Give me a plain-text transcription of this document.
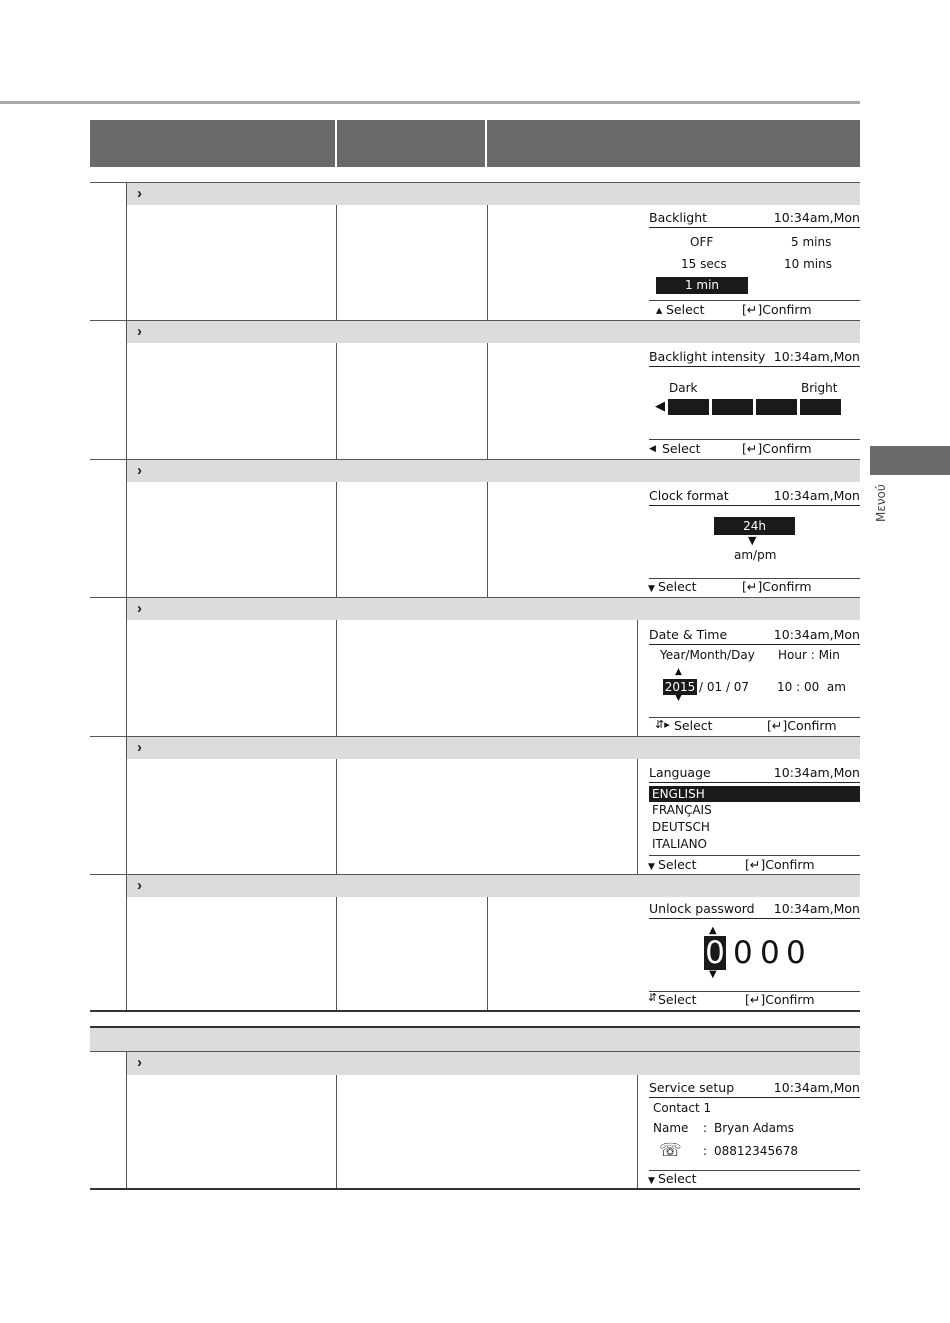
Μενού
›
›
›
›
›
›
›
Backlight	10:34am,Mon
OFF	5 mins
15 secs	10 mins
1 min
▴ Select	[↵]Confirm
Backlight intensity 10:34am,Mon
Dark	Bright
◀
◀ Select	[↵]Confirm
Clock format	10:34am,Mon
24h
▼
am/pm
▼ Select	[↵]Confirm
Date & Time	10:34am,Mon
Year/Month/Day Hour : Min
▲
2015 / 01 / 07 10 : 00  am
▼
⇵▸ Select	[↵]Confirm
Language	10:34am,Mon
ENGLISH
FRANÇAIS
DEUTSCH
ITALIANO
▼ Select	[↵]Confirm
Unlock password 10:34am,Mon
▲
0 0 0 0
▼
⇵ Select	[↵]Confirm
Service setup	10:34am,Mon
Contact 1
Name : Bryan Adams
☏ : 08812345678
▼ Select
